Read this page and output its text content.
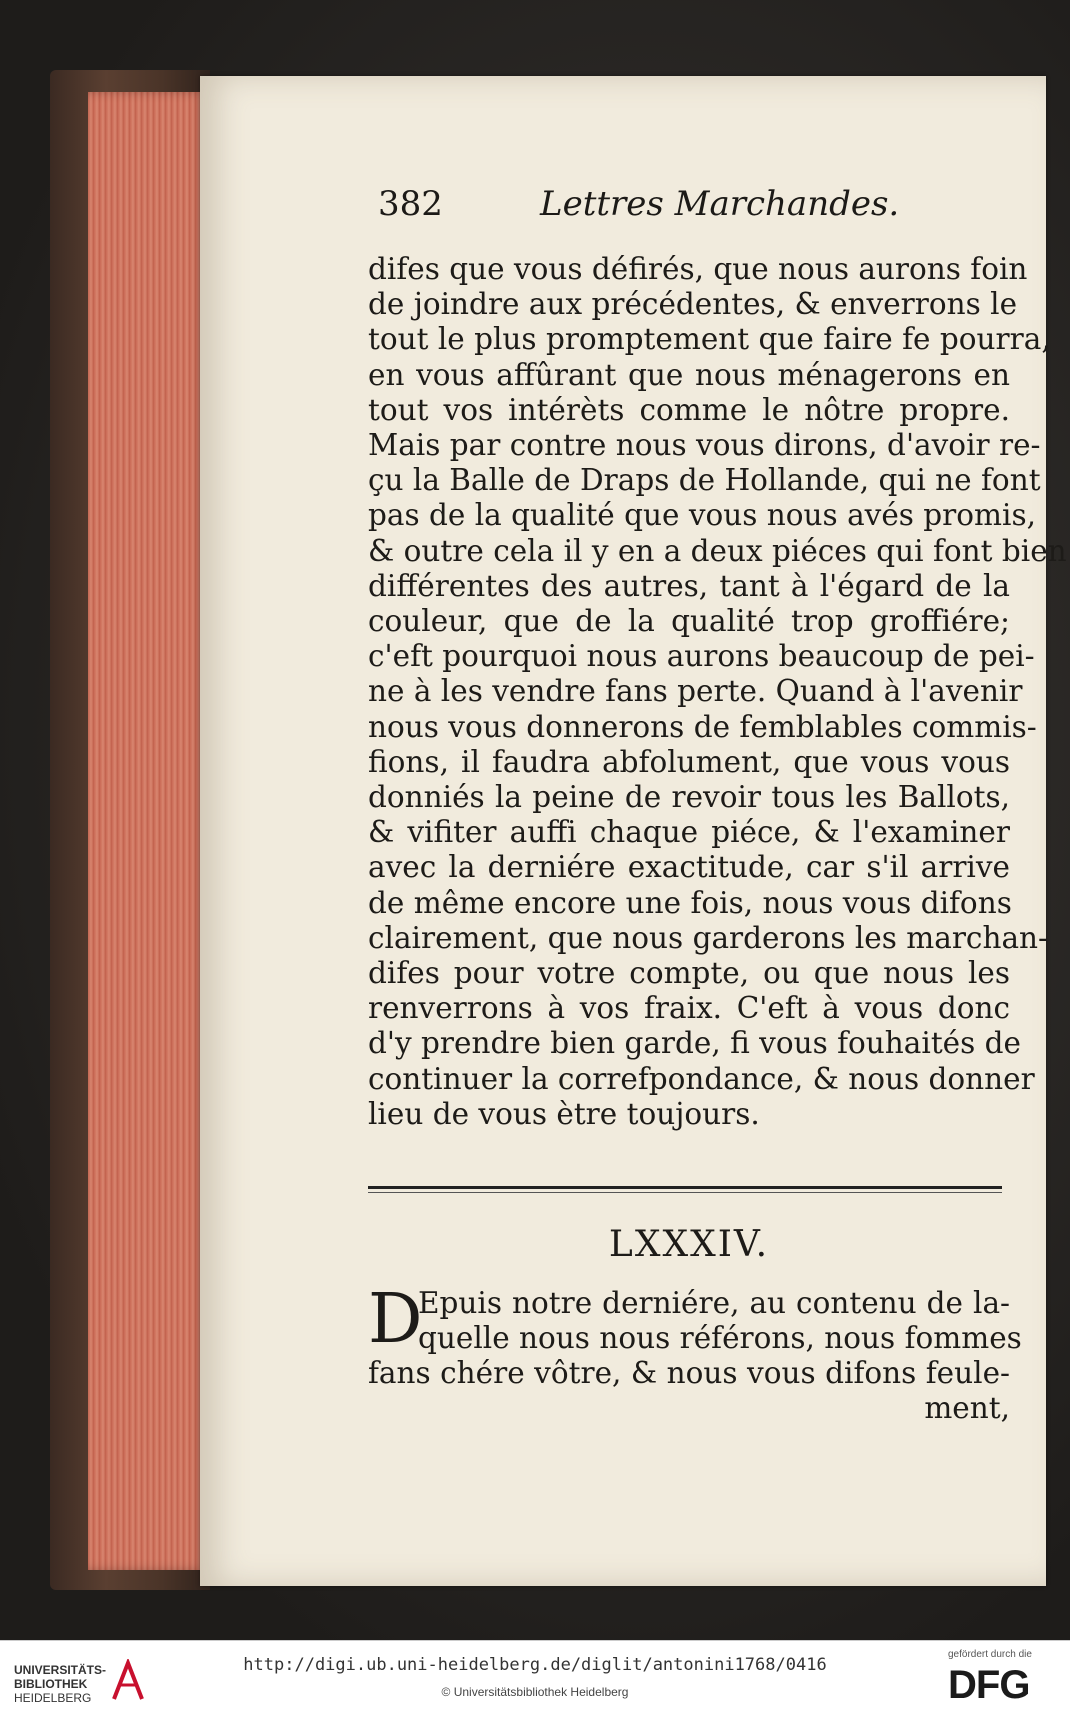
382	Lettres Marchandes.

difes que vous défirés, que nous aurons foin
de joindre aux précédentes, & enverrons le
tout le plus promptement que faire fe pourra,
en vous affûrant que nous ménagerons en
tout vos intérèts comme le nôtre propre.
Mais par contre nous vous dirons, d'avoir re-
çu la Balle de Draps de Hollande, qui ne font
pas de la qualité que vous nous avés promis,
& outre cela il y en a deux piéces qui font bien
différentes des autres, tant à l'égard de la
couleur, que de la qualité trop groffiére;
c'eft pourquoi nous aurons beaucoup de pei-
ne à les vendre fans perte. Quand à l'avenir
nous vous donnerons de femblables commis-
fions, il faudra abfolument, que vous vous
donniés la peine de revoir tous les Ballots,
& vifiter auffi chaque piéce, & l'examiner
avec la derniére exactitude, car s'il arrive
de même encore une fois, nous vous difons
clairement, que nous garderons les marchan-
difes pour votre compte, ou que nous les
renverrons à vos fraix. C'eft à vous donc
d'y prendre bien garde, fi vous fouhaités de
continuer la correfpondance, & nous donner
lieu de vous ètre toujours.

LXXXIV.
D
Epuis notre derniére, au contenu de la-
quelle nous nous référons, nous fommes
fans chére vôtre, & nous vous difons feule-
ment,
UNIVERSITÄTS-
BIBLIOTHEK
HEIDELBERG
http://digi.ub.uni-heidelberg.de/diglit/antonini1768/0416
© Universitätsbibliothek Heidelberg
gefördert durch die
DFG
